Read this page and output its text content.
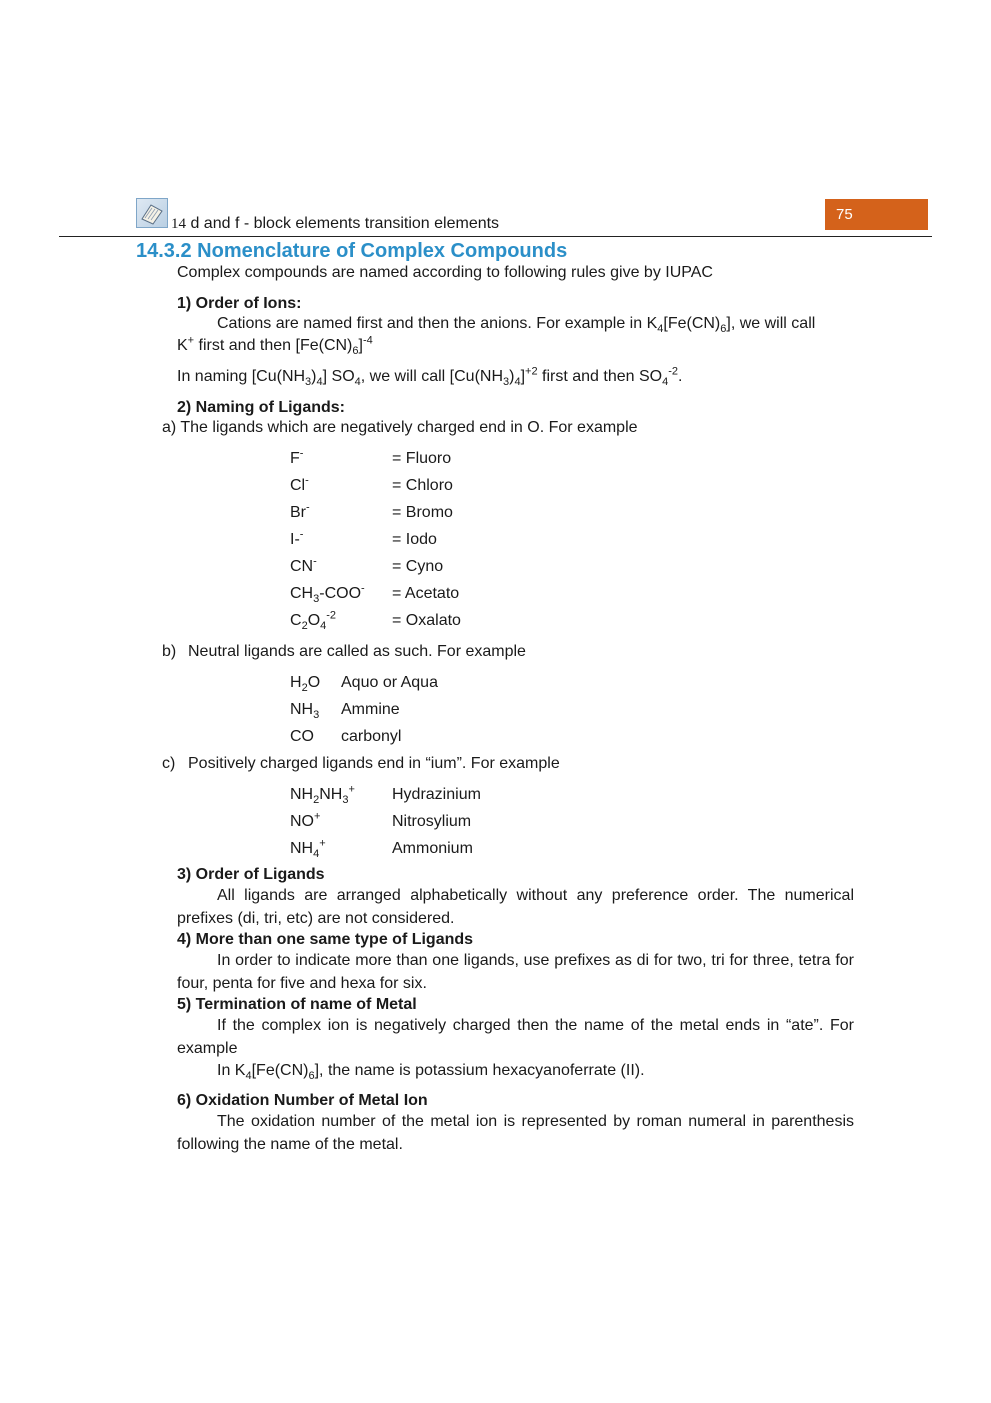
14 d and f - block elements transition elements
75
14.3.2 Nomenclature of Complex Compounds
Complex compounds are named according to following rules give by IUPAC
1) Order of Ions:
Cations are named first and then the anions. For example in $K_4[Fe(CN)_6]$, we will call
K+ first and then $[Fe(CN)_6]^{-4}$
In naming $[Cu(NH_3)_4]$ $SO_4$, we will call $[Cu(NH_3)_4]^{+2}$ first and then $SO_4^{-2}$.
2) Naming of Ligands:
a) The ligands which are negatively charged end in O. For example
F-	= Fluoro
Cl-	= Chloro
Br-	= Bromo
I--	= Iodo
CN-	= Cyno
$CH_3-COO^-$ = Acetato
$C_2O_4^{-2}$	= Oxalato
b) Neutral ligands are called as such. For example
$H_2O$ Aquo or Aqua
$NH_3$ Ammine
CO carbonyl
c) Positively charged ligands end in “ium”. For example
$NH_2NH_3^+$ Hydrazinium
NO+	Nitrosylium
$NH_4^+$	Ammonium
3) Order of Ligands
All ligands are arranged alphabetically without any preference order. The numerical prefixes (di, tri, etc) are not considered.
4) More than one same type of Ligands
In order to indicate more than one ligands, use prefixes as di for two, tri for three, tetra for four, penta for five and hexa for six.
5) Termination of name of Metal
If the complex ion is negatively charged then the name of the metal ends in “ate”. For example
In $K_4[Fe(CN)_6]$, the name is potassium hexacyanoferrate (II).
6) Oxidation Number of Metal Ion
The oxidation number of the metal ion is represented by roman numeral in parenthesis following the name of the metal.
